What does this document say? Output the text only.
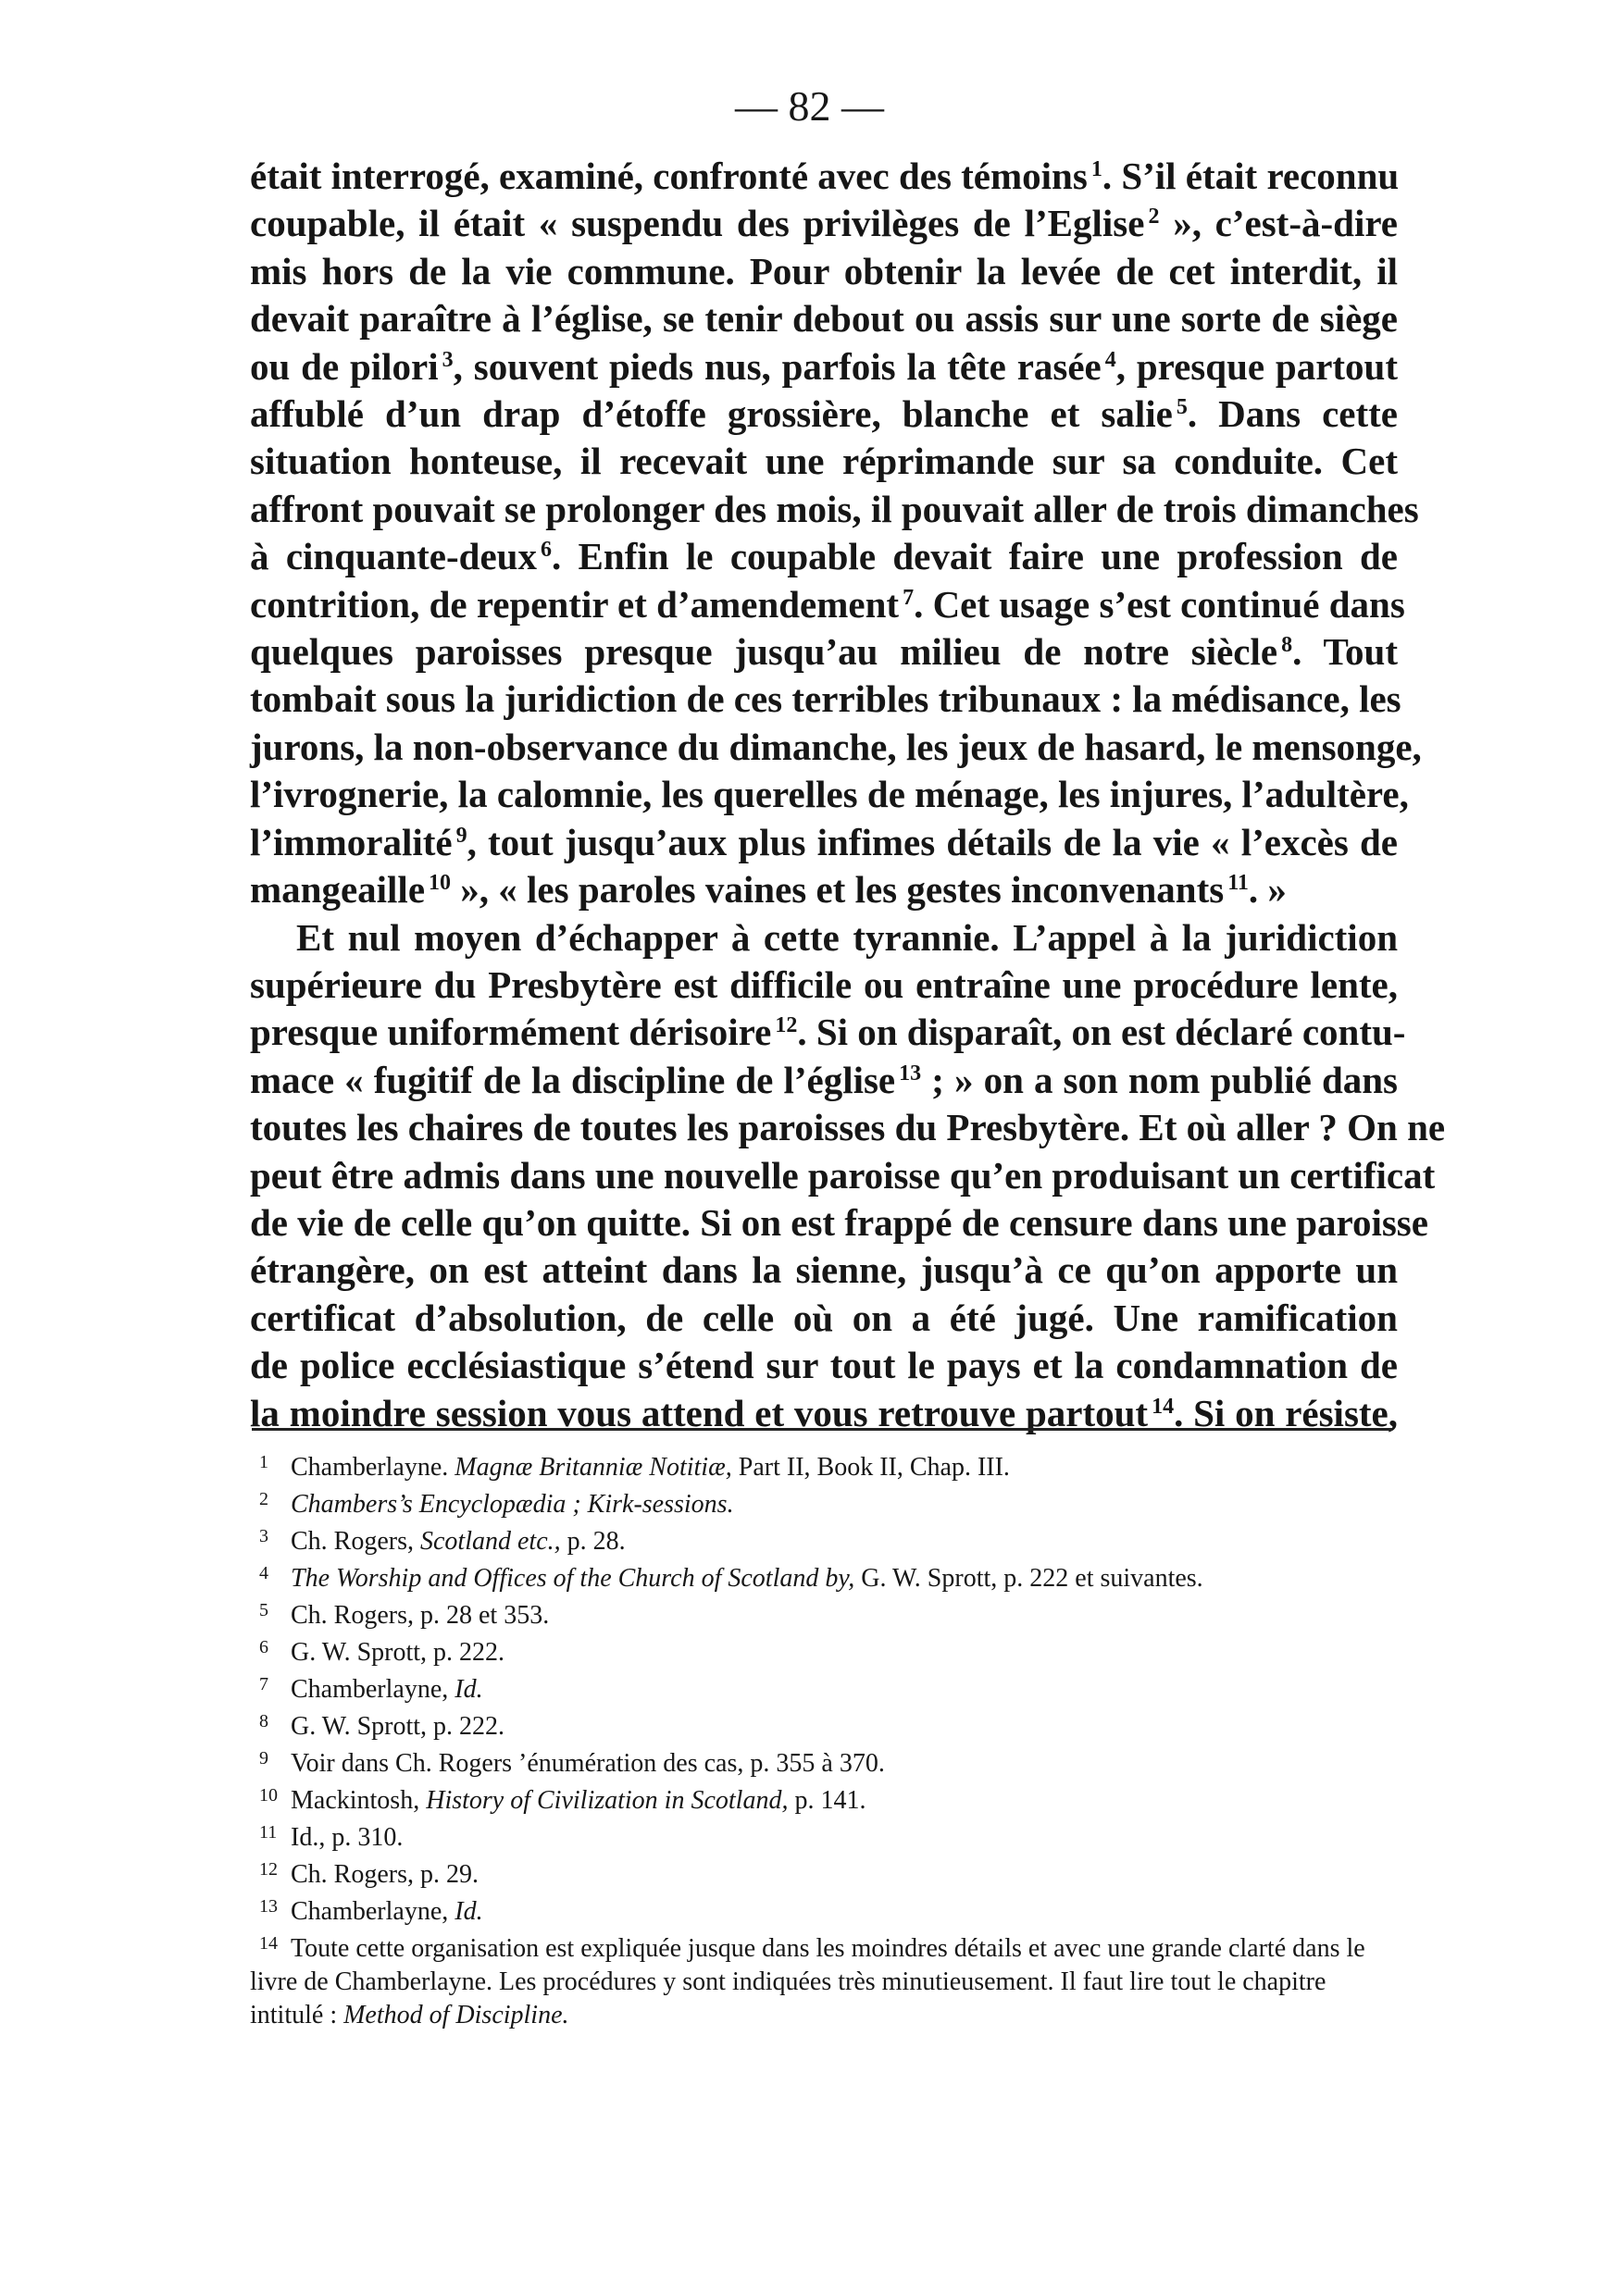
— 82 —
était interrogé, examiné, confronté avec des témoins $^1$. S’il était reconnu
coupable, il était « suspendu des privilèges de l’Eglise $^2$ », c’est-à-dire
mis hors de la vie commune. Pour obtenir la levée de cet interdit, il
devait paraître à l’église, se tenir debout ou assis sur une sorte de siège
ou de pilori $^3$, souvent pieds nus, parfois la tête rasée $^4$, presque partout
affublé d’un drap d’étoffe grossière, blanche et salie $^5$. Dans cette
situation honteuse, il recevait une réprimande sur sa conduite. Cet
affront pouvait se prolonger des mois, il pouvait aller de trois dimanches
à cinquante-deux $^6$. Enfin le coupable devait faire une profession de
contrition, de repentir et d’amendement $^7$. Cet usage s’est continué dans
quelques paroisses presque jusqu’au milieu de notre siècle $^8$. Tout
tombait sous la juridiction de ces terribles tribunaux : la médisance, les
jurons, la non-observance du dimanche, les jeux de hasard, le mensonge,
l’ivrognerie, la calomnie, les querelles de ménage, les injures, l’adultère,
l’immoralité $^9$, tout jusqu’aux plus infimes détails de la vie « l’excès de
mangeaille $^{10}$ », « les paroles vaines et les gestes inconvenants $^{11}$. »
Et nul moyen d’échapper à cette tyrannie. L’appel à la juridiction
supérieure du Presbytère est difficile ou entraîne une procédure lente,
presque uniformément dérisoire $^{12}$. Si on disparaît, on est déclaré contu-
mace « fugitif de la discipline de l’église $^{13}$ ; » on a son nom publié dans
toutes les chaires de toutes les paroisses du Presbytère. Et où aller ? On ne
peut être admis dans une nouvelle paroisse qu’en produisant un certificat
de vie de celle qu’on quitte. Si on est frappé de censure dans une paroisse
étrangère, on est atteint dans la sienne, jusqu’à ce qu’on apporte un
certificat d’absolution, de celle où on a été jugé. Une ramification
de police ecclésiastique s’étend sur tout le pays et la condamnation de
la moindre session vous attend et vous retrouve partout $^{14}$. Si on résiste,
1 Chamberlayne. Magnæ Britanniæ Notitiæ, Part II, Book II, Chap. III.
2 Chambers’s Encyclopædia ; Kirk-sessions.
3 Ch. Rogers, Scotland etc., p. 28.
4 The Worship and Offices of the Church of Scotland by, G. W. Sprott, p. 222 et suivantes.
5 Ch. Rogers, p. 28 et 353.
6 G. W. Sprott, p. 222.
7 Chamberlayne, Id.
8 G. W. Sprott, p. 222.
9 Voir dans Ch. Rogers ’énumération des cas, p. 355 à 370.
10 Mackintosh, History of Civilization in Scotland, p. 141.
11 Id., p. 310.
12 Ch. Rogers, p. 29.
13 Chamberlayne, Id.
14 Toute cette organisation est expliquée jusque dans les moindres détails et avec une grande clarté dans le livre de Chamberlayne. Les procédures y sont indiquées très minutieusement. Il faut lire tout le chapitre intitulé : Method of Discipline.
